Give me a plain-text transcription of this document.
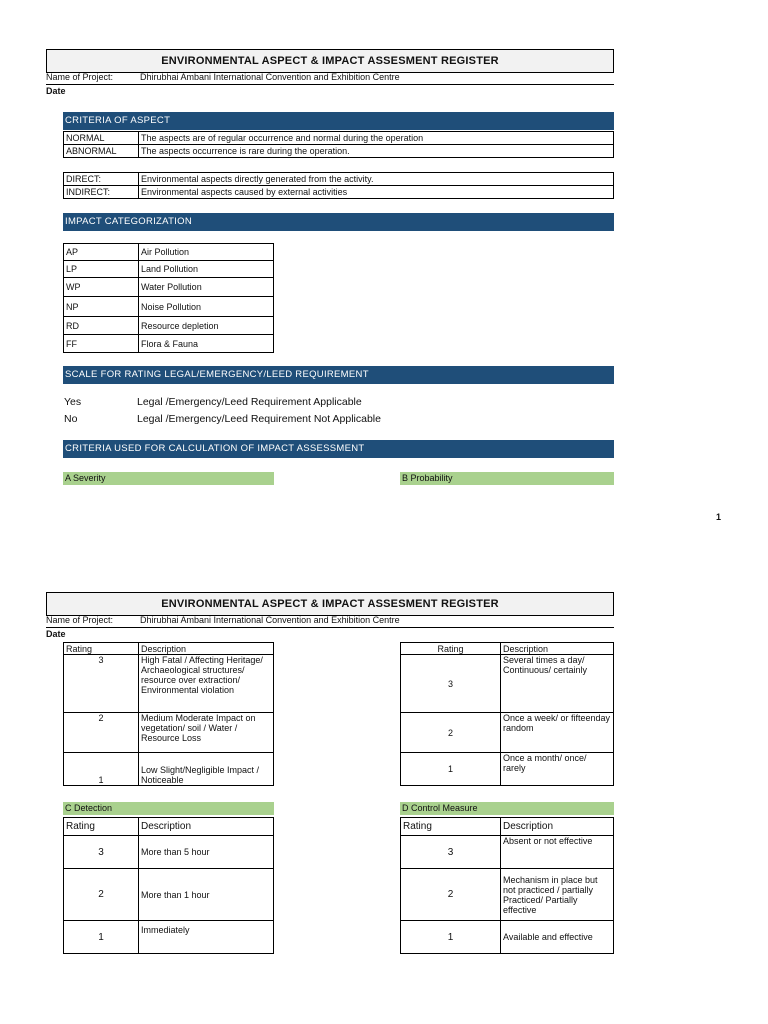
ENVIRONMENTAL ASPECT & IMPACT ASSESMENT REGISTER
Name of Project:	Dhirubhai Ambani International Convention and Exhibition Centre
Date
CRITERIA OF ASPECT
NORMAL	The aspects are of regular occurrence and normal during the operation
ABNORMAL	The aspects occurrence is rare during the operation.
DIRECT:	Environmental aspects directly generated from the activity.
INDIRECT:	Environmental aspects caused by external activities
IMPACT CATEGORIZATION
AP	Air Pollution
LP	Land Pollution
WP	Water Pollution
NP	Noise Pollution
RD	Resource depletion
FF	Flora & Fauna
SCALE FOR RATING LEGAL/EMERGENCY/LEED REQUIREMENT
Yes	Legal /Emergency/Leed Requirement Applicable
No	Legal /Emergency/Leed Requirement Not Applicable
CRITERIA USED FOR CALCULATION OF IMPACT ASSESSMENT
A Severity	B Probability
1
ENVIRONMENTAL ASPECT & IMPACT ASSESMENT REGISTER
Name of Project:	Dhirubhai Ambani International Convention and Exhibition Centre
Date
Rating	Description
3	High Fatal / Affecting Heritage/ Archaeological structures/ resource over extraction/ Environmental violation
2	Medium Moderate Impact on vegetation/ soil / Water / Resource Loss
1	Low Slight/Negligible Impact / Noticeable
Rating	Description
3	Several times a day/ Continuous/ certainly
2	Once a week/ or fifteenday random
1	Once a month/ once/ rarely
C Detection	D Control Measure
Rating	Description
3	More than 5 hour
2	More than 1 hour
1	Immediately
Rating	Description
3	Absent or not effective
2	Mechanism in place but not practiced / partially Practiced/ Partially effective
1	Available and effective
